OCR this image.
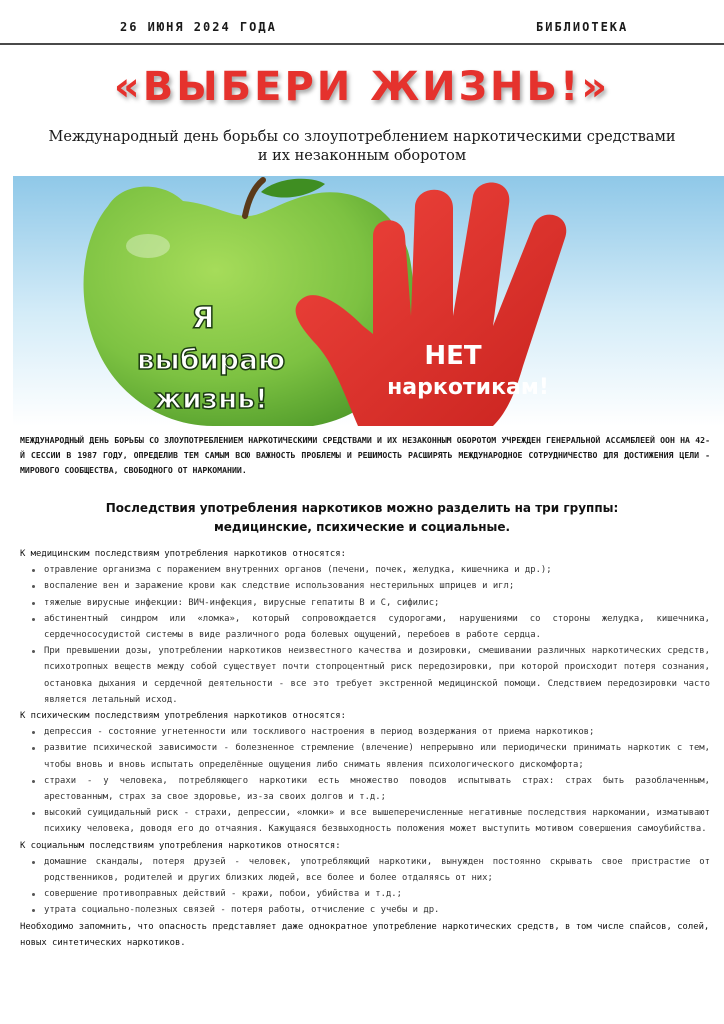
26 ИЮНЯ 2024 ГОДА	БИБЛИОТЕКА
«ВЫБЕРИ ЖИЗНЬ!»
Международный день борьбы со злоупотреблением наркотическими средствами
и их незаконным оборотом
Я
выбираю
жизнь!
НЕТ
наркотикам!
МЕЖДУНАРОДНЫЙ ДЕНЬ БОРЬБЫ СО ЗЛОУПОТРЕБЛЕНИЕМ НАРКОТИЧЕСКИМИ СРЕДСТВАМИ И ИХ НЕЗАКОННЫМ ОБОРОТОМ УЧРЕЖДЕН ГЕНЕРАЛЬНОЙ АССАМБЛЕЕЙ ООН НА 42-Й СЕССИИ В 1987 ГОДУ, ОПРЕДЕЛИВ ТЕМ САМЫМ ВСЮ ВАЖНОСТЬ ПРОБЛЕМЫ И РЕШИМОСТЬ РАСШИРЯТЬ МЕЖДУНАРОДНОЕ СОТРУДНИЧЕСТВО ДЛЯ ДОСТИЖЕНИЯ ЦЕЛИ - МИРОВОГО СООБЩЕСТВА, СВОБОДНОГО ОТ НАРКОМАНИИ.
Последствия употребления наркотиков можно разделить на три группы:
медицинские, психические и социальные.

К медицинским последствиям употребления наркотиков относятся:

отравление организма с поражением внутренних органов (печени, почек, желудка, кишечника и др.);
воспаление вен и заражение крови как следствие использования нестерильных шприцев и игл;
тяжелые вирусные инфекции: ВИЧ-инфекция, вирусные гепатиты В и С, сифилис;
абстинентный синдром или «ломка», который сопровождается судорогами, нарушениями со стороны желудка, кишечника, сердечнососудистой системы в виде различного рода болевых ощущений, перебоев в работе сердца.
При превышении дозы, употреблении наркотиков неизвестного качества и дозировки, смешивании различных наркотических средств, психотропных веществ между собой существует почти стопроцентный риск передозировки, при которой происходит потеря сознания, остановка дыхания и сердечной деятельности - все это требует экстренной медицинской помощи. Следствием передозировки часто является летальный исход.

К психическим последствиям употребления наркотиков относятся:

депрессия - состояние угнетенности или тоскливого настроения в период воздержания от приема наркотиков;
развитие психической зависимости - болезненное стремление (влечение) непрерывно или периодически принимать наркотик с тем, чтобы вновь и вновь испытать определённые ощущения либо снимать явления психологического дискомфорта;
страхи - у человека, потребляющего наркотики есть множество поводов испытывать страх: страх быть разоблаченным, арестованным, страх за свое здоровье, из-за своих долгов и т.д.;
высокий суицидальный риск - страхи, депрессии, «ломки» и все вышеперечисленные негативные последствия наркомании, изматывают психику человека, доводя его до отчаяния. Кажущаяся безвыходность положения может выступить мотивом совершения самоубийства.

К социальным последствиям употребления наркотиков относятся:

домашние скандалы, потеря друзей - человек, употребляющий наркотики, вынужден постоянно скрывать свое пристрастие от родственников, родителей и других близких людей, все более и более отдаляясь от них;
совершение противоправных действий - кражи, побои, убийства и т.д.;
утрата социально-полезных связей - потеря работы, отчисление с учебы и др.

Необходимо запомнить, что опасность представляет даже однократное употребление наркотических средств, в том числе спайсов, солей, новых синтетических наркотиков.
